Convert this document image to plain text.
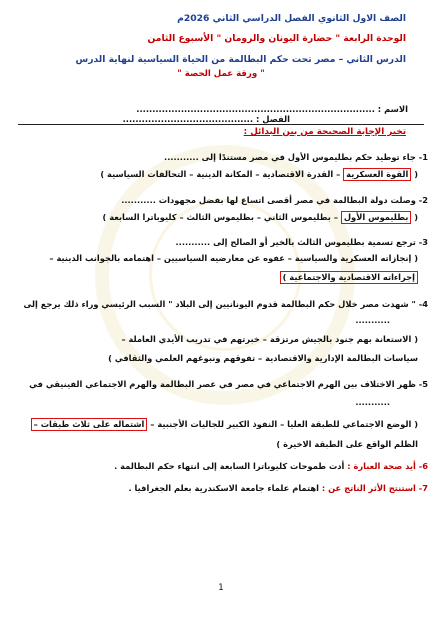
الصف الاول الثانوي الفصل الدراسي الثاني 2026م
الوحدة الرابعة " حضارة اليونان والرومان " الأسبوع الثامن
الدرس الثاني – مصر تحت حكم البطالمة من الحياة السياسية لنهاية الدرس
" ورقة عمل الحصة "
الاسم : ...........................................................................
الفصل : .........................................
تخير الإجابة الصحيحة من بين البدائل :
1- جاء توطيد حكم بطليموس الأول في مصر مستندًا إلى ...........
( القوة العسكرية – القدرة الاقتصادية – المكانة الدينية – التحالفات السياسية )
2- وصلت دولة البطالمة في مصر أقصى اتساع لها بفضل مجهودات ...........
( بطليموس الأول – بطليموس الثاني – بطليموس الثالث – كليوباترا السابعة )
3- ترجع تسمية بطليموس الثالث بالخير أو الصالح إلى ...........
( إنجازاته العسكرية والسياسية – عفوه عن معارضيه السياسيين – اهتمامه بالجوانب الدينية –
إجراءاته الاقتصادية والاجتماعية )
4- " شهدت مصر خلال حكم البطالمة قدوم اليونانيين إلى البلاد " السبب الرئيسي وراء ذلك يرجع إلى
...........
( الاستعانة بهم جنود بالجيش مرتزقة – خبرتهم في تدريب الأيدي العاملة –
سياسات البطالمة الإدارية والاقتصادية – تفوقهم ونبوغهم العلمي والثقافي )
5- ظهر الاختلاف بين الهرم الاجتماعي في مصر في عصر البطالمة والهرم الاجتماعي الفينيقي في
...........
( الوضع الاجتماعي للطبقة العليا – النفوذ الكبير للجاليات الأجنبية – اشتماله على ثلاث طبقات –
الظلم الواقع على الطبقة الاخيرة )
6- أيد صحة العبارة : أدت طموحات كليوباترا السابعة إلى انتهاء حكم البطالمة .
7- استنتج الأثر الناتج عن : اهتمام علماء جامعة الاسكندرية بعلم الجغرافيا .
1
